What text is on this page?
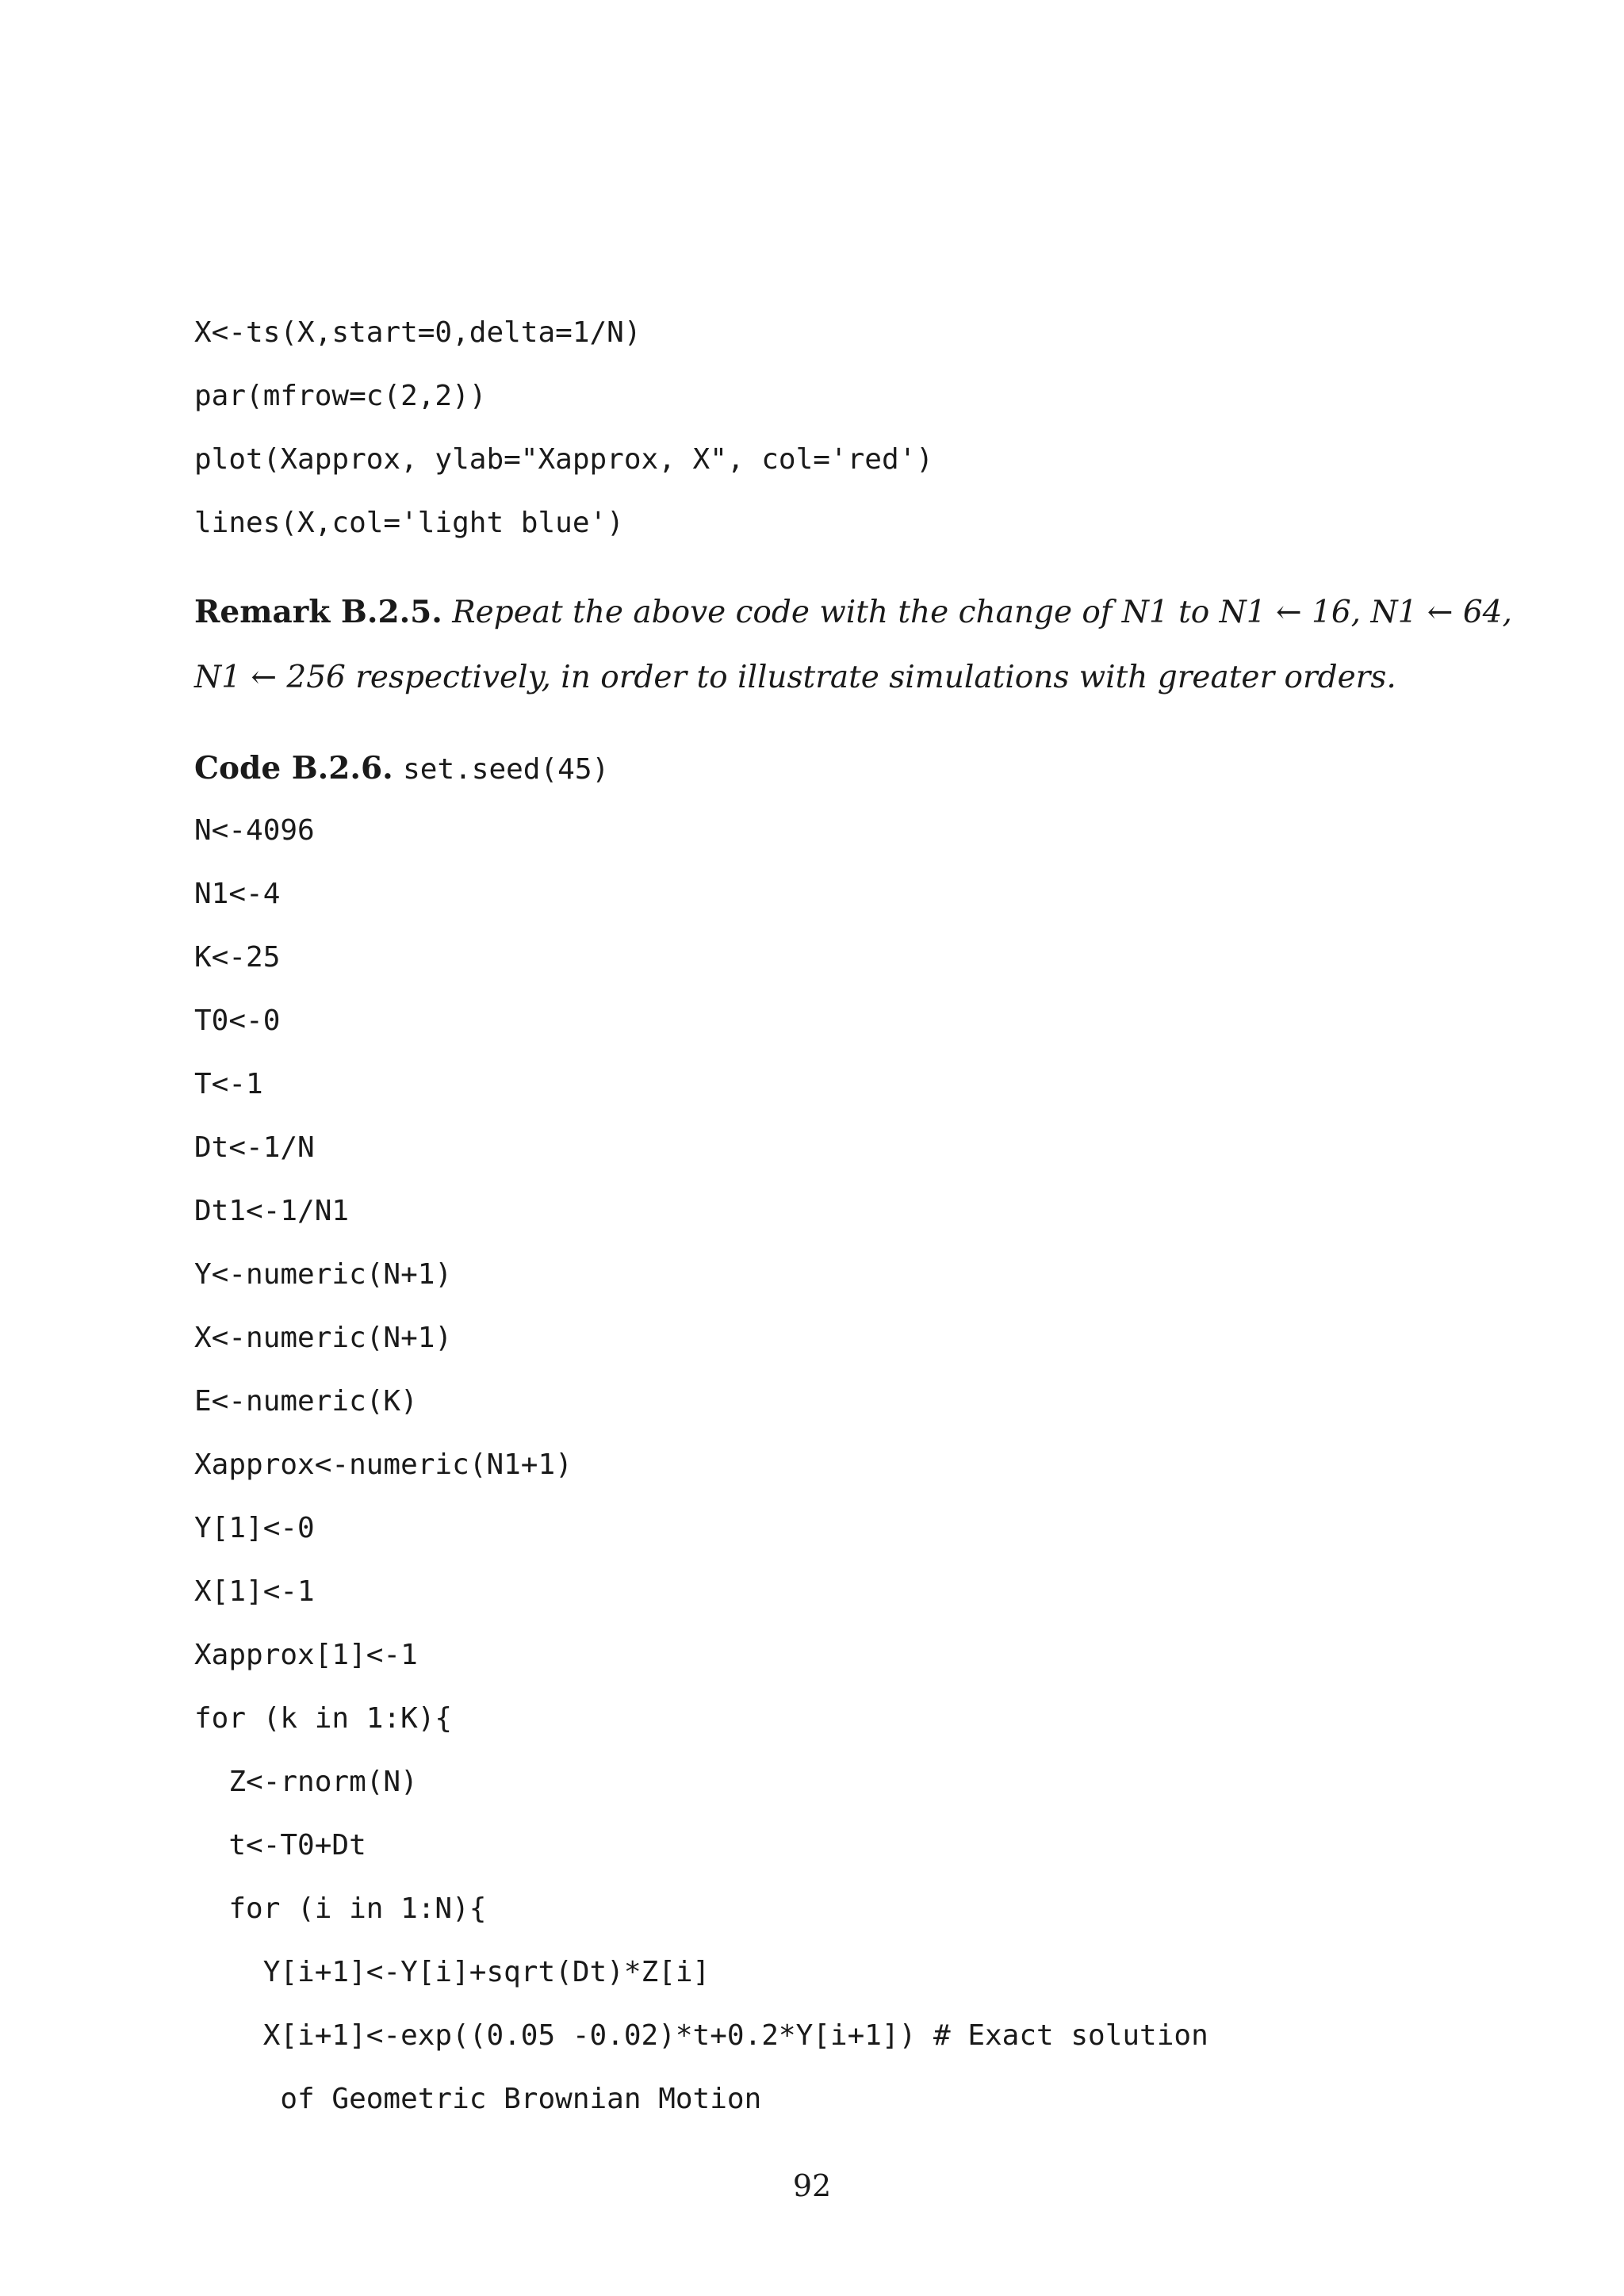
X<-ts(X,start=0,delta=1/N)
par(mfrow=c(2,2))
plot(Xapprox, ylab="Xapprox, X", col='red')
lines(X,col='light blue')
Remark B.2.5. Repeat the above code with the change of N1 to N1 ← 16, N1 ← 64,
N1 ← 256 respectively, in order to illustrate simulations with greater orders.
Code B.2.6. set.seed(45)
N<-4096
N1<-4
K<-25
T0<-0
T<-1
Dt<-1/N
Dt1<-1/N1
Y<-numeric(N+1)
X<-numeric(N+1)
E<-numeric(K)
Xapprox<-numeric(N1+1)
Y[1]<-0
X[1]<-1
Xapprox[1]<-1
for (k in 1:K){
Z<-rnorm(N)
t<-T0+Dt
for (i in 1:N){
Y[i+1]<-Y[i]+sqrt(Dt)*Z[i]
X[i+1]<-exp((0.05 -0.02)*t+0.2*Y[i+1]) # Exact solution
of Geometric Brownian Motion
92
